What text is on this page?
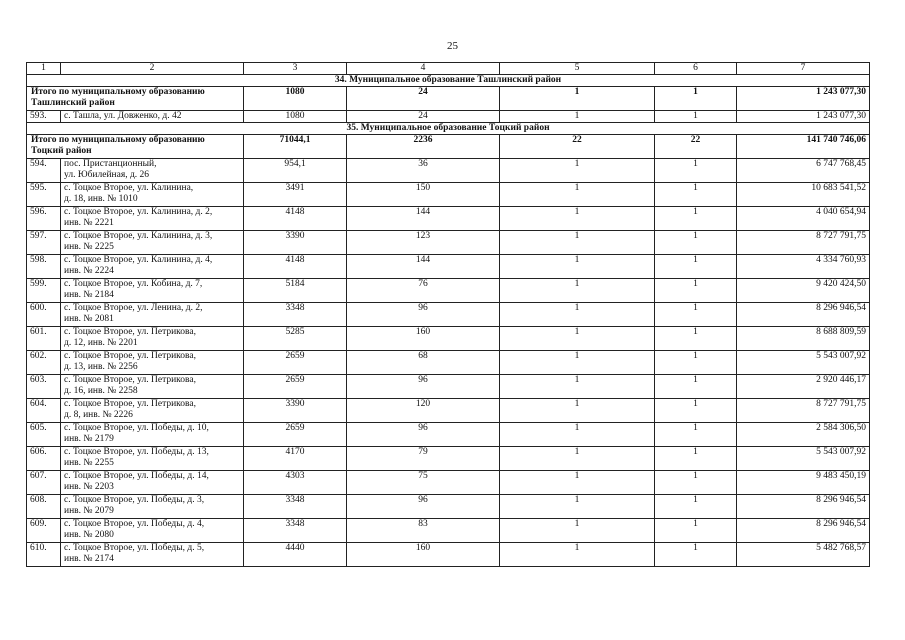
25
1	2	3	4	5	6	7
34. Муниципальное образование Ташлинский район						

Итого по муниципальному образованию
Ташлинский район		1080	24	1	1	1 243 077,30
593.	с. Ташла, ул. Довженко, д. 42	1080	24	1	1	1 243 077,30
35. Муниципальное образование Тоцкий район						

Итого по муниципальному образованию
Тоцкий район		71044,1	2236	22	22	141 740 746,06
594.	пос. Пристанционный,
ул. Юбилейная, д. 26	954,1	36	1	1	6 747 768,45
595.	с. Тоцкое Второе, ул. Калинина,
д. 18, инв. № 1010	3491	150	1	1	10 683 541,52
596.	с. Тоцкое Второе, ул. Калинина, д. 2,
инв. № 2221	4148	144	1	1	4 040 654,94
597.	с. Тоцкое Второе, ул. Калинина, д. 3,
инв. № 2225	3390	123	1	1	8 727 791,75
598.	с. Тоцкое Второе, ул. Калинина, д. 4,
инв. № 2224	4148	144	1	1	4 334 760,93
599.	с. Тоцкое Второе, ул. Кобина, д. 7,
инв. № 2184	5184	76	1	1	9 420 424,50
600.	с. Тоцкое Второе, ул. Ленина, д. 2,
инв. № 2081	3348	96	1	1	8 296 946,54
601.	с. Тоцкое Второе, ул. Петрикова,
д. 12, инв. № 2201	5285	160	1	1	8 688 809,59
602.	с. Тоцкое Второе, ул. Петрикова,
д. 13, инв. № 2256	2659	68	1	1	5 543 007,92
603.	с. Тоцкое Второе, ул. Петрикова,
д. 16, инв. № 2258	2659	96	1	1	2 920 446,17
604.	с. Тоцкое Второе, ул. Петрикова,
д. 8, инв. № 2226	3390	120	1	1	8 727 791,75
605.	с. Тоцкое Второе, ул. Победы, д. 10,
инв. № 2179	2659	96	1	1	2 584 306,50
606.	с. Тоцкое Второе, ул. Победы, д. 13,
инв. № 2255	4170	79	1	1	5 543 007,92
607.	с. Тоцкое Второе, ул. Победы, д. 14,
инв. № 2203	4303	75	1	1	9 483 450,19
608.	с. Тоцкое Второе, ул. Победы, д. 3,
инв. № 2079	3348	96	1	1	8 296 946,54
609.	с. Тоцкое Второе, ул. Победы, д. 4,
инв. № 2080	3348	83	1	1	8 296 946,54
610.	с. Тоцкое Второе, ул. Победы, д. 5,
инв. № 2174	4440	160	1	1	5 482 768,57
